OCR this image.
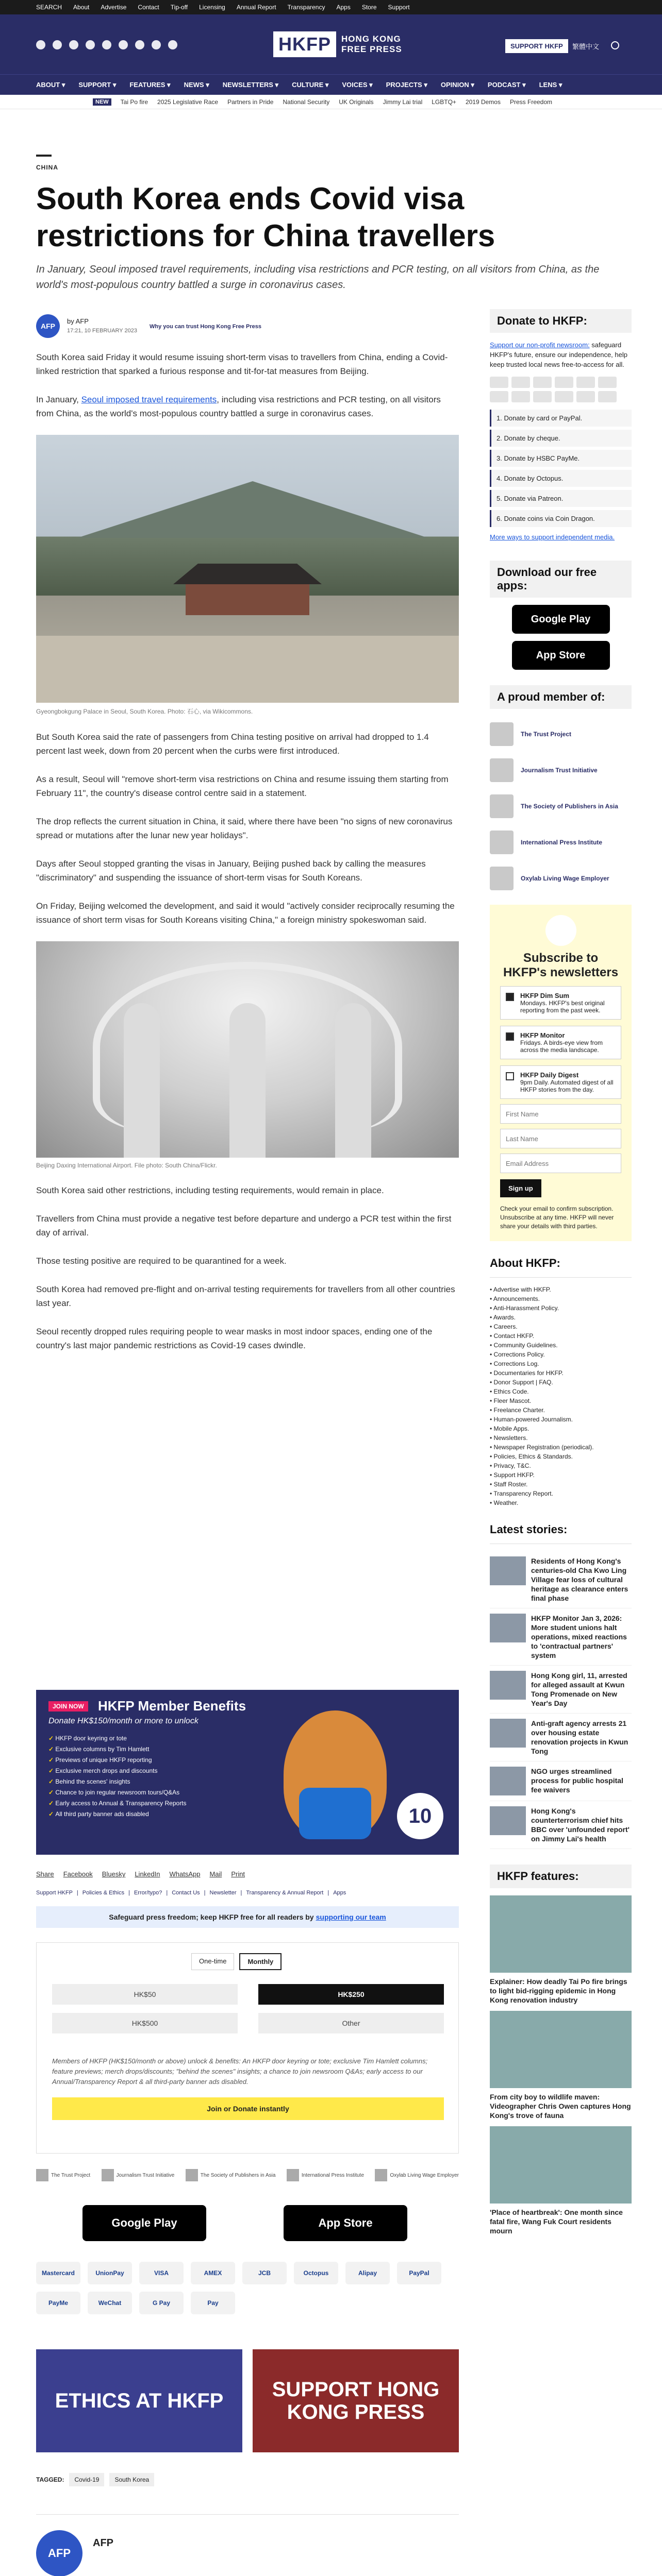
SEARCH About Advertise Contact Tip-off Licensing Annual Report Transparency Apps Store Support
HKFP	HONG KONG
FREE PRESS	SUPPORT HKFP	繁體中文
ABOUT ▾ SUPPORT ▾ FEATURES ▾ NEWS ▾ NEWSLETTERS ▾ CULTURE ▾ VOICES ▾ PROJECTS ▾ OPINION ▾ PODCAST ▾ LENS ▾
NEW	Tai Po fire 2025 Legislative Race Partners in Pride National Security UK Originals Jimmy Lai trial LGBTQ+ 2019 Demos Press Freedom
CHINA
South Korea ends Covid visa restrictions for China travellers

In January, Seoul imposed travel requirements, including visa restrictions and PCR testing, on all visitors from China, as the world's most-populous country battled a surge in coronavirus cases.

AFP
by AFP
17:21, 10 FEBRUARY 2023
Why you can trust Hong Kong Free Press

South Korea said Friday it would resume issuing short-term visas to travellers from China, ending a Covid-linked restriction that sparked a furious response and tit-for-tat measures from Beijing.

In January, Seoul imposed travel requirements, including visa restrictions and PCR testing, on all visitors from China, as the world's most-populous country battled a surge in coronavirus cases.

Gyeongbokgung Palace in Seoul, South Korea. Photo: 石心, via Wikicommons.

But South Korea said the rate of passengers from China testing positive on arrival had dropped to 1.4 percent last week, down from 20 percent when the curbs were first introduced.

As a result, Seoul will "remove short-term visa restrictions on China and resume issuing them starting from February 11", the country's disease control centre said in a statement.

The drop reflects the current situation in China, it said, where there have been "no signs of new coronavirus spread or mutations after the lunar new year holidays".

Days after Seoul stopped granting the visas in January, Beijing pushed back by calling the measures "discriminatory" and suspending the issuance of short-term visas for South Koreans.

On Friday, Beijing welcomed the development, and said it would "actively consider reciprocally resuming the issuance of short term visas for South Koreans visiting China," a foreign ministry spokeswoman said.

Beijing Daxing International Airport. File photo: South China/Flickr.

South Korea said other restrictions, including testing requirements, would remain in place.

Travellers from China must provide a negative test before departure and undergo a PCR test within the first day of arrival.

Those testing positive are required to be quarantined for a week.

South Korea had removed pre-flight and on-arrival testing requirements for travellers from all other countries last year.

Seoul recently dropped rules requiring people to wear masks in most indoor spaces, ending one of the country's last major pandemic restrictions as Covid-19 cases dwindle.

JOIN NOW	HKFP Member Benefits
Donate HK$150/month or more to unlock
✓ HKFP door keyring or tote
✓ Exclusive columns by Tim Hamlett
✓ Previews of unique HKFP reporting
✓ Exclusive merch drops and discounts
✓ Behind the scenes' insights
✓ Chance to join regular newsroom tours/Q&As
✓ Early access to Annual & Transparency Reports
✓ All third party banner ads disabled	10
Share Facebook Bluesky LinkedIn WhatsApp Mail Print
Support HKFP | Policies & Ethics | Error/typo? | Contact Us | Newsletter | Transparency & Annual Report | Apps
Safeguard press freedom; keep HKFP free for all readers by supporting our team
One-time	Monthly
HK$50	HK$250
HK$500	Other

Members of HKFP (HK$150/month or above) unlock & benefits: An HKFP door keyring or tote; exclusive Tim Hamlett columns; feature previews; merch drops/discounts; "behind the scenes" insights; a chance to join newsroom Q&As; early access to our Annual/Transparency Report & all third-party banner ads disabled.

Join or Donate instantly
The Trust Project	Journalism Trust Initiative	The Society of Publishers in Asia	International Press Institute	Oxylab Living Wage Employer
Google Play	App Store
Mastercard	UnionPay	VISA	AMEX	JCB	Octopus	Alipay	PayPal
PayMe	WeChat	G Pay	Pay
ETHICS AT HKFP	SUPPORT HONG KONG PRESS
TAGGED:	Covid-19	South Korea
AFP
AFP

Donate to HKFP:

Support our non-profit newsroom: safeguard HKFP's future, ensure our independence, help keep trusted local news free-to-access for all.

1. Donate by card or PayPal.
2. Donate by cheque.
3. Donate by HSBC PayMe.
4. Donate by Octopus.
5. Donate via Patreon.
6. Donate coins via Coin Dragon.

More ways to support independent media.

Download our free apps:
Google Play
App Store
A proud member of:
The Trust Project
Journalism Trust Initiative
The Society of Publishers in Asia
International Press Institute
Oxylab Living Wage Employer
Subscribe to HKFP's newsletters
HKFP Dim Sum
Mondays. HKFP's best original reporting from the past week.
HKFP Monitor
Fridays. A birds-eye view from across the media landscape.
HKFP Daily Digest
9pm Daily. Automated digest of all HKFP stories from the day.
First Name Last Name Email Address Sign up

Check your email to confirm subscription. Unsubscribe at any time. HKFP will never share your details with third parties.

About HKFP:
• Advertise with HKFP.
• Announcements.
• Anti-Harassment Policy.
• Awards.
• Careers.
• Contact HKFP.
• Community Guidelines.
• Corrections Policy.
• Corrections Log.
• Documentaries for HKFP.
• Donor Support | FAQ.
• Ethics Code.
• Fleer Mascot.
• Freelance Charter.
• Human-powered Journalism.
• Mobile Apps.
• Newsletters.
• Newspaper Registration (periodical).
• Policies, Ethics & Standards.
• Privacy, T&C.
• Support HKFP.
• Staff Roster.
• Transparency Report.
• Weather.
Latest stories:
Residents of Hong Kong's centuries-old Cha Kwo Ling Village fear loss of cultural heritage as clearance enters final phase
HKFP Monitor Jan 3, 2026: More student unions halt operations, mixed reactions to 'contractual partners' system
Hong Kong girl, 11, arrested for alleged assault at Kwun Tong Promenade on New Year's Day
Anti-graft agency arrests 21 over housing estate renovation projects in Kwun Tong
NGO urges streamlined process for public hospital fee waivers
Hong Kong's counterterrorism chief hits BBC over 'unfounded report' on Jimmy Lai's health
HKFP features:
Explainer: How deadly Tai Po fire brings to light bid-rigging epidemic in Hong Kong renovation industry
From city boy to wildlife maven: Videographer Chris Owen captures Hong Kong's trove of fauna
'Place of heartbreak': One month since fatal fire, Wang Fuk Court residents mourn
